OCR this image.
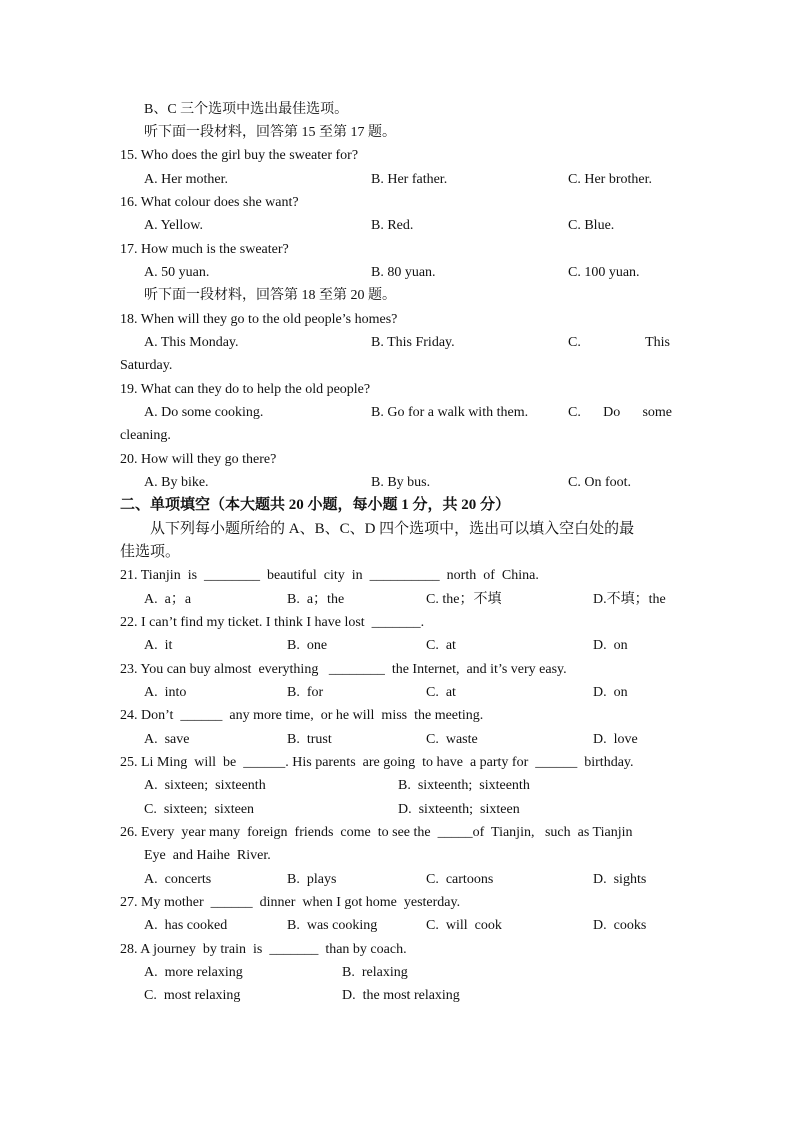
B、C 三个选项中选出最佳选项。
听下面一段材料，回答第 15 至第 17 题。
15. Who does the girl buy the sweater for?
A. Her mother.	B. Her father.	C. Her brother.
16. What colour does she want?
A. Yellow.	B. Red.	C. Blue.
17. How much is the sweater?
A. 50 yuan.	B. 80 yuan.	C. 100 yuan.
听下面一段材料，回答第 18 至第 20 题。
18. When will they go to the old people’s homes?
A. This Monday.	B. This Friday.	C.	This
Saturday.
19. What can they do to help the old people?
A. Do some cooking.	B. Go for a walk with them.	C. Do some
cleaning.
20. How will they go there?
A. By bike.	B. By bus.	C. On foot.
二、单项填空（本大题共 20 小题，每小题 1 分，共 20 分）
从下列每小题所给的 A、B、C、D 四个选项中，选出可以填入空白处的最
佳选项。
21. Tianjin  is  ________  beautiful  city  in  __________  north  of  China.
A.  a；a	B.  a；the	C. the；不填	D.不填；the
22. I can’t find my ticket. I think I have lost  _______.
A.  it	B.  one	C.  at	D.  on
23. You can buy almost  everything   ________  the Internet,  and it’s very easy.
A.  into	B.  for	C.  at	D.  on
24. Don’t  ______  any more time,  or he will  miss  the meeting.
A.  save	B.  trust	C.  waste	D.  love
25. Li Ming  will  be  ______. His parents  are going  to have  a party for  ______  birthday.
A.  sixteen;  sixteenth	B.  sixteenth;  sixteenth
C.  sixteen;  sixteen	D.  sixteenth;  sixteen
26. Every  year many  foreign  friends  come  to see the  _____of  Tianjin,   such  as Tianjin
Eye  and Haihe  River.
A.  concerts	B.  plays	C.  cartoons	D.  sights
27. My mother  ______  dinner  when I got home  yesterday.
A.  has cooked	B.  was cooking	C.  will  cook	D.  cooks
28. A journey  by train  is  _______  than by coach.
A.  more relaxing	B.  relaxing
C.  most relaxing	D.  the most relaxing
